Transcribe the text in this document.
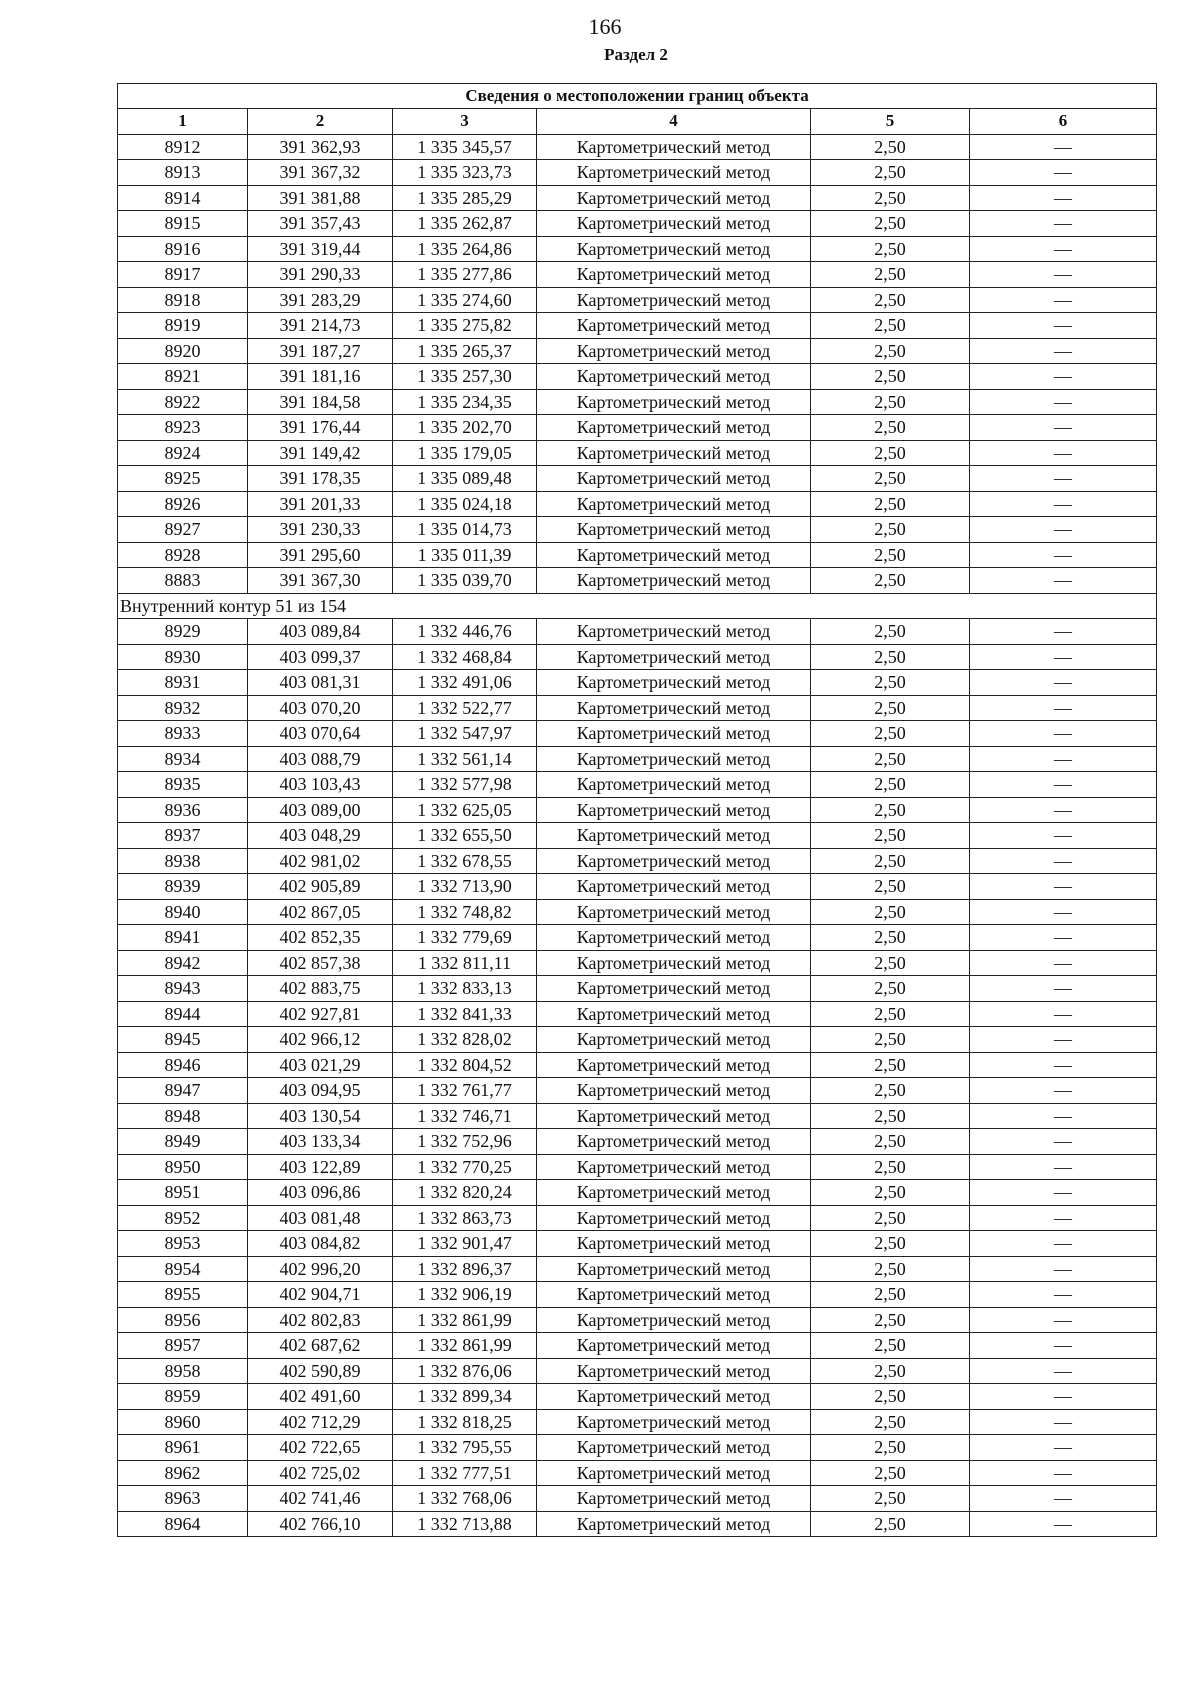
166
Раздел 2
Сведения о местоположении границ объекта					
1	2	3	4	5	6
8912	391 362,93	1 335 345,57	Картометрический метод	2,50	—
8913	391 367,32	1 335 323,73	Картометрический метод	2,50	—
8914	391 381,88	1 335 285,29	Картометрический метод	2,50	—
8915	391 357,43	1 335 262,87	Картометрический метод	2,50	—
8916	391 319,44	1 335 264,86	Картометрический метод	2,50	—
8917	391 290,33	1 335 277,86	Картометрический метод	2,50	—
8918	391 283,29	1 335 274,60	Картометрический метод	2,50	—
8919	391 214,73	1 335 275,82	Картометрический метод	2,50	—
8920	391 187,27	1 335 265,37	Картометрический метод	2,50	—
8921	391 181,16	1 335 257,30	Картометрический метод	2,50	—
8922	391 184,58	1 335 234,35	Картометрический метод	2,50	—
8923	391 176,44	1 335 202,70	Картометрический метод	2,50	—
8924	391 149,42	1 335 179,05	Картометрический метод	2,50	—
8925	391 178,35	1 335 089,48	Картометрический метод	2,50	—
8926	391 201,33	1 335 024,18	Картометрический метод	2,50	—
8927	391 230,33	1 335 014,73	Картометрический метод	2,50	—
8928	391 295,60	1 335 011,39	Картометрический метод	2,50	—
8883	391 367,30	1 335 039,70	Картометрический метод	2,50	—
Внутренний контур 51 из 154					
8929	403 089,84	1 332 446,76	Картометрический метод	2,50	—
8930	403 099,37	1 332 468,84	Картометрический метод	2,50	—
8931	403 081,31	1 332 491,06	Картометрический метод	2,50	—
8932	403 070,20	1 332 522,77	Картометрический метод	2,50	—
8933	403 070,64	1 332 547,97	Картометрический метод	2,50	—
8934	403 088,79	1 332 561,14	Картометрический метод	2,50	—
8935	403 103,43	1 332 577,98	Картометрический метод	2,50	—
8936	403 089,00	1 332 625,05	Картометрический метод	2,50	—
8937	403 048,29	1 332 655,50	Картометрический метод	2,50	—
8938	402 981,02	1 332 678,55	Картометрический метод	2,50	—
8939	402 905,89	1 332 713,90	Картометрический метод	2,50	—
8940	402 867,05	1 332 748,82	Картометрический метод	2,50	—
8941	402 852,35	1 332 779,69	Картометрический метод	2,50	—
8942	402 857,38	1 332 811,11	Картометрический метод	2,50	—
8943	402 883,75	1 332 833,13	Картометрический метод	2,50	—
8944	402 927,81	1 332 841,33	Картометрический метод	2,50	—
8945	402 966,12	1 332 828,02	Картометрический метод	2,50	—
8946	403 021,29	1 332 804,52	Картометрический метод	2,50	—
8947	403 094,95	1 332 761,77	Картометрический метод	2,50	—
8948	403 130,54	1 332 746,71	Картометрический метод	2,50	—
8949	403 133,34	1 332 752,96	Картометрический метод	2,50	—
8950	403 122,89	1 332 770,25	Картометрический метод	2,50	—
8951	403 096,86	1 332 820,24	Картометрический метод	2,50	—
8952	403 081,48	1 332 863,73	Картометрический метод	2,50	—
8953	403 084,82	1 332 901,47	Картометрический метод	2,50	—
8954	402 996,20	1 332 896,37	Картометрический метод	2,50	—
8955	402 904,71	1 332 906,19	Картометрический метод	2,50	—
8956	402 802,83	1 332 861,99	Картометрический метод	2,50	—
8957	402 687,62	1 332 861,99	Картометрический метод	2,50	—
8958	402 590,89	1 332 876,06	Картометрический метод	2,50	—
8959	402 491,60	1 332 899,34	Картометрический метод	2,50	—
8960	402 712,29	1 332 818,25	Картометрический метод	2,50	—
8961	402 722,65	1 332 795,55	Картометрический метод	2,50	—
8962	402 725,02	1 332 777,51	Картометрический метод	2,50	—
8963	402 741,46	1 332 768,06	Картометрический метод	2,50	—
8964	402 766,10	1 332 713,88	Картометрический метод	2,50	—
